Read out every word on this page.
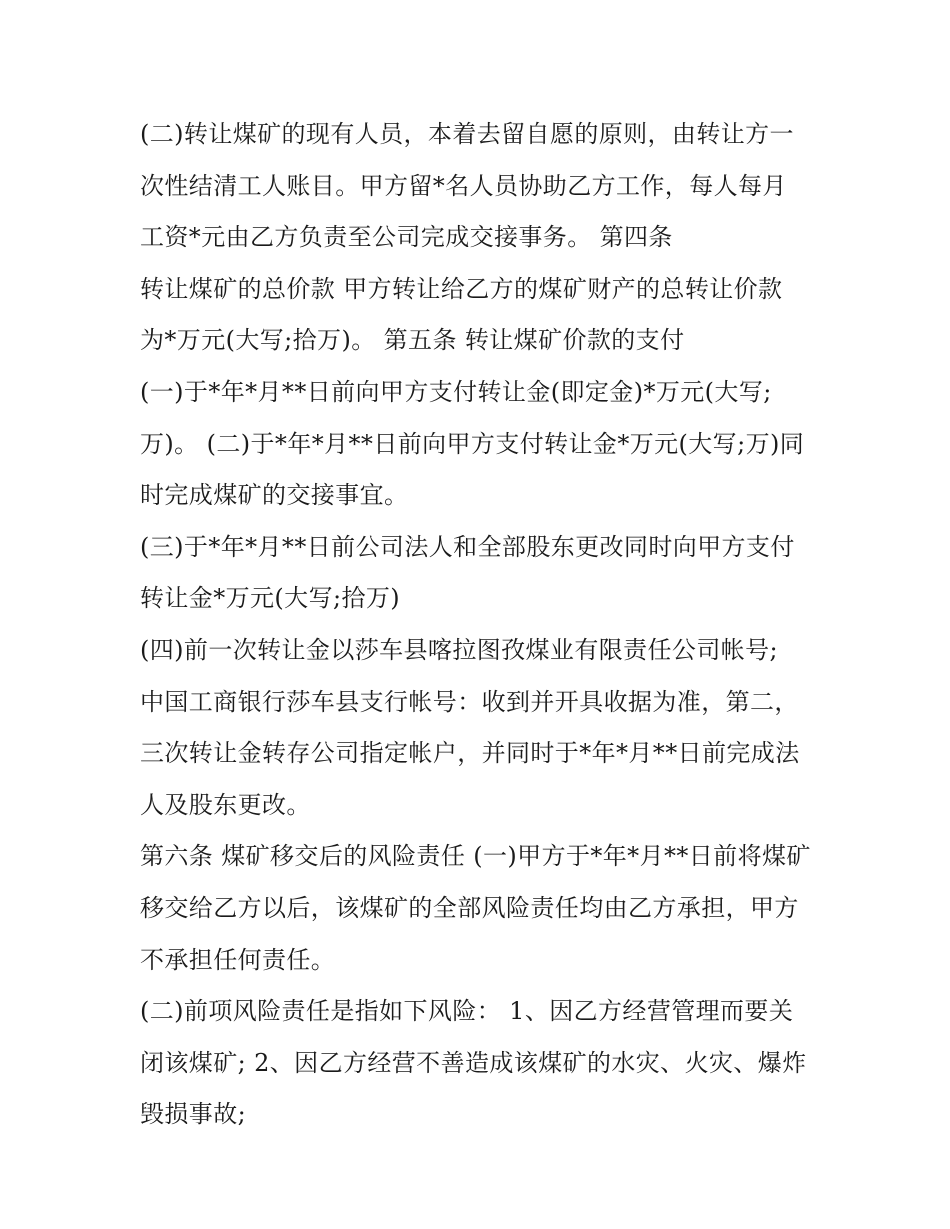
(二)转让煤矿的现有人员，本着去留自愿的原则，由转让方一
次性结清工人账目。甲方留*名人员协助乙方工作，每人每月
工资*元由乙方负责至公司完成交接事务。 第四条
转让煤矿的总价款 甲方转让给乙方的煤矿财产的总转让价款
为*万元(大写;拾万)。 第五条 转让煤矿价款的支付
(一)于*年*月**日前向甲方支付转让金(即定金)*万元(大写;
万)。 (二)于*年*月**日前向甲方支付转让金*万元(大写;万)同
时完成煤矿的交接事宜。
(三)于*年*月**日前公司法人和全部股东更改同时向甲方支付
转让金*万元(大写;拾万)
(四)前一次转让金以莎车县喀拉图孜煤业有限责任公司帐号;
中国工商银行莎车县支行帐号：收到并开具收据为准，第二，
三次转让金转存公司指定帐户，并同时于*年*月**日前完成法
人及股东更改。
第六条 煤矿移交后的风险责任 (一)甲方于*年*月**日前将煤矿
移交给乙方以后，该煤矿的全部风险责任均由乙方承担，甲方
不承担任何责任。
(二)前项风险责任是指如下风险： 1、因乙方经营管理而要关
闭该煤矿; 2、因乙方经营不善造成该煤矿的水灾、火灾、爆炸
毁损事故;
